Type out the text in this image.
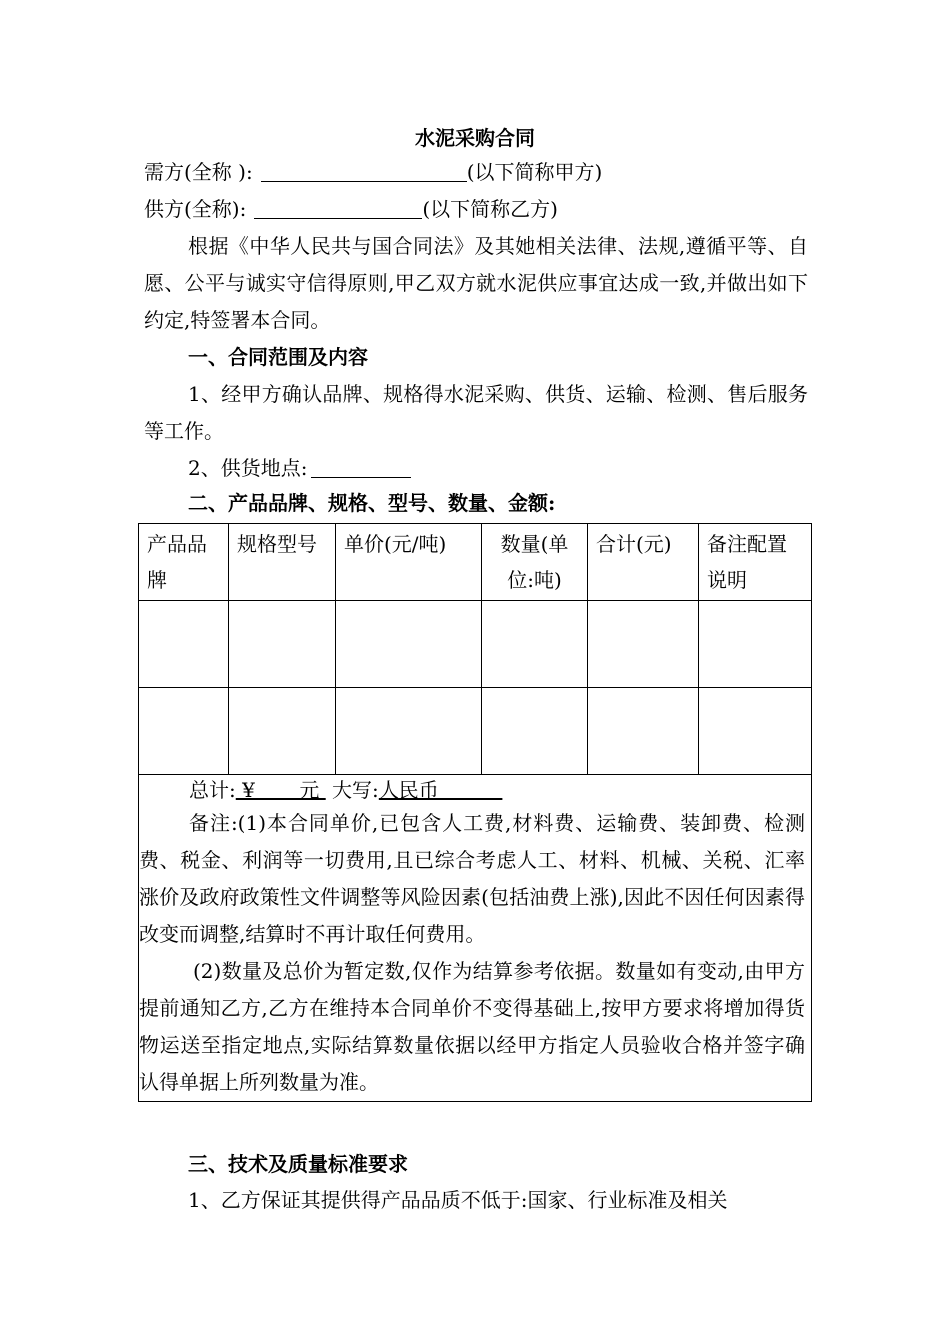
水泥采购合同
需方(全称 ):	(以下简称甲方)
供方(全称):	(以下简称乙方)
根据《中华人民共与国合同法》及其她相关法律、法规,遵循平等、自愿、公平与诚实守信得原则,甲乙双方就水泥供应事宜达成一致,并做出如下约定,特签署本合同。
一、合同范围及内容
1、经甲方确认品牌、规格得水泥采购、供货、运输、检测、售后服务等工作。
2、供货地点:
二、产品品牌、规格、型号、数量、金额:
产品品牌	规格型号	单价(元/吨)	数量(单位:吨)	合计(元)	备注配置说明

总计: ¥       元  大写:人民币

备注:(1)本合同单价,已包含人工费,材料费、运输费、装卸费、检测费、税金、利润等一切费用,且已综合考虑人工、材料、机械、关税、汇率涨价及政府政策性文件调整等风险因素(包括油费上涨),因此不因任何因素得改变而调整,结算时不再计取任何费用。

(2)数量及总价为暂定数,仅作为结算参考依据。数量如有变动,由甲方提前通知乙方,乙方在维持本合同单价不变得基础上,按甲方要求将增加得货物运送至指定地点,实际结算数量依据以经甲方指定人员验收合格并签字确认得单据上所列数量为准。					

三、技术及质量标准要求
1、乙方保证其提供得产品品质不低于:国家、行业标准及相关
